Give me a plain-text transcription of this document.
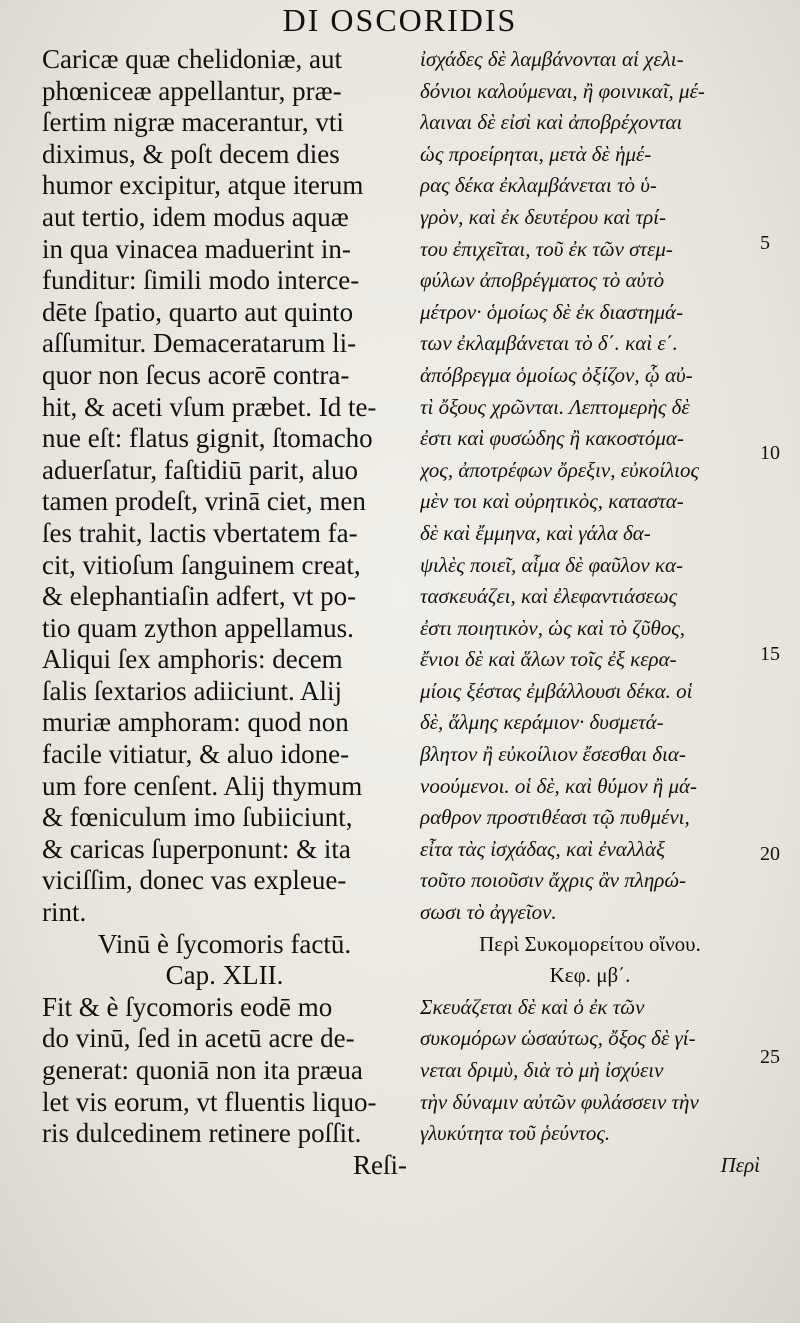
DI OSCORIDIS
Caricæ quæ chelidoniæ, aut
phœniceæ appellantur, præ-
ſertim nigræ macerantur, vti
diximus, & poſt decem dies
humor excipitur, atque iterum
aut tertio, idem modus aquæ
in qua vinacea maduerint in-
funditur: ſimili modo interce-
dēte ſpatio, quarto aut quinto
aſſumitur. Demaceratarum li-
quor non ſecus acorē contra-
hit, & aceti vſum præbet. Id te-
nue eſt: flatus gignit, ſtomacho
aduerſatur, faſtidiū parit, aluo
tamen prodeſt, vrinā ciet, men
ſes trahit, lactis vbertatem fa-
cit, vitioſum ſanguinem creat,
& elephantiaſin adfert, vt po-
tio quam zython appellamus.
Aliqui ſex amphoris: decem
ſalis ſextarios adiiciunt. Alij
muriæ amphoram: quod non
facile vitiatur, & aluo idone-
um fore cenſent. Alij thymum
& fœniculum imo ſubiiciunt,
& caricas ſuperponunt: & ita
viciſſim, donec vas expleue-
rint.
Vinū è ſycomoris factū.
Cap. XLII.
Fit & è ſycomoris eodē mo
do vinū, ſed in acetū acre de-
generat: quoniā non ita præua
let vis eorum, vt fluentis liquo-
ris dulcedinem retinere poſſit.
Reſi-
ἰσχάδες δὲ λαμβάνονται αἱ χελι-
δόνιοι καλούμεναι, ἢ φοινικαῖ, μέ-
λαιναι δὲ εἰσὶ καὶ ἀποβρέχονται
ὡς προείρηται, μετὰ δὲ ἡμέ-
ρας δέκα ἐκλαμβάνεται τὸ ὑ-
γρὸν, καὶ ἐκ δευτέρου καὶ τρί-
του ἐπιχεῖται, τοῦ ἐκ τῶν στεμ-
φύλων ἀποβρέγματος τὸ αὐτὸ
μέτρον· ὁμοίως δὲ ἐκ διαστημά-
των ἐκλαμβάνεται τὸ δ΄. καὶ ε΄.
ἀπόβρεγμα ὁμοίως ὀξίζον, ᾧ αὐ-
τὶ ὄξους χρῶνται. Λεπτομερὴς δὲ
ἐστι καὶ φυσώδης ἢ κακοστόμα-
χος, ἀποτρέφων ὄρεξιν, εὐκοίλιος
μὲν τοι καὶ οὐρητικὸς, καταστα-
δὲ καὶ ἔμμηνα, καὶ γάλα δα-
ψιλὲς ποιεῖ, αἷμα δὲ φαῦλον κα-
τασκευάζει, καὶ ἐλεφαντιάσεως
ἐστι ποιητικὸν, ὡς καὶ τὸ ζῦθος,
ἔνιοι δὲ καὶ ἅλων τοῖς ἐξ κερα-
μίοις ξέστας ἐμβάλλουσι δέκα. οἱ
δὲ, ἅλμης κεράμιον· δυσμετά-
βλητον ἢ εὐκοίλιον ἔσεσθαι δια-
νοούμενοι. οἱ δὲ, καὶ θύμον ἢ μά-
ραθρον προστιθέασι τῷ πυθμένι,
εἶτα τὰς ἰσχάδας, καὶ ἐναλλὰξ
τοῦτο ποιοῦσιν ἄχρις ἂν πληρώ-
σωσι τὸ ἀγγεῖον.
Περὶ Συκομορείτου οἴνου.
Κεφ. μβ΄.
Σκευάζεται δὲ καὶ ὁ ἐκ τῶν
συκομόρων ὡσαύτως, ὄξος δὲ γί-
νεται δριμὺ, διὰ τὸ μὴ ἰσχύειν
τὴν δύναμιν αὐτῶν φυλάσσειν τὴν
γλυκύτητα τοῦ ῥεύντος.
Περὶ
5
10
15
20
25
